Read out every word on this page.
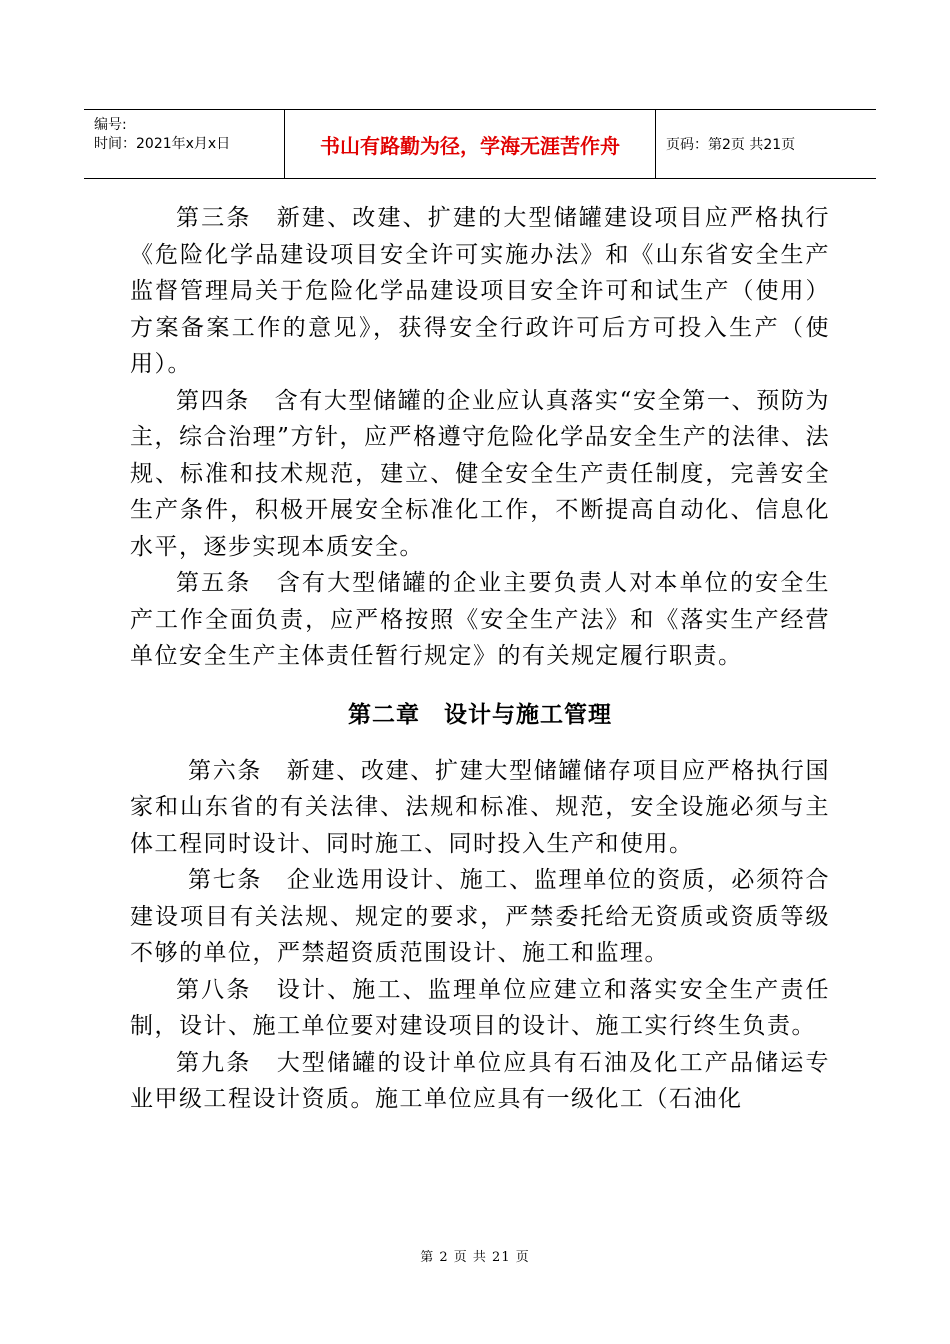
编号:
时间：2021年x月x日	书山有路勤为径，学海无涯苦作舟	页码：第2页 共21页

第三条　新建、改建、扩建的大型储罐建设项目应严格执行《危险化学品建设项目安全许可实施办法》和《山东省安全生产监督管理局关于危险化学品建设项目安全许可和试生产（使用）方案备案工作的意见》，获得安全行政许可后方可投入生产（使用）。

第四条　含有大型储罐的企业应认真落实“安全第一、预防为主，综合治理”方针，应严格遵守危险化学品安全生产的法律、法规、标准和技术规范，建立、健全安全生产责任制度，完善安全生产条件，积极开展安全标准化工作，不断提高自动化、信息化水平，逐步实现本质安全。

第五条　含有大型储罐的企业主要负责人对本单位的安全生产工作全面负责，应严格按照《安全生产法》和《落实生产经营单位安全生产主体责任暂行规定》的有关规定履行职责。

第二章　设计与施工管理

第六条　新建、改建、扩建大型储罐储存项目应严格执行国家和山东省的有关法律、法规和标准、规范，安全设施必须与主体工程同时设计、同时施工、同时投入生产和使用。

第七条　企业选用设计、施工、监理单位的资质，必须符合建设项目有关法规、规定的要求，严禁委托给无资质或资质等级不够的单位，严禁超资质范围设计、施工和监理。

第八条　设计、施工、监理单位应建立和落实安全生产责任制，设计、施工单位要对建设项目的设计、施工实行终生负责。

第九条　大型储罐的设计单位应具有石油及化工产品储运专业甲级工程设计资质。施工单位应具有一级化工（石油化

第 2 页 共 21 页
